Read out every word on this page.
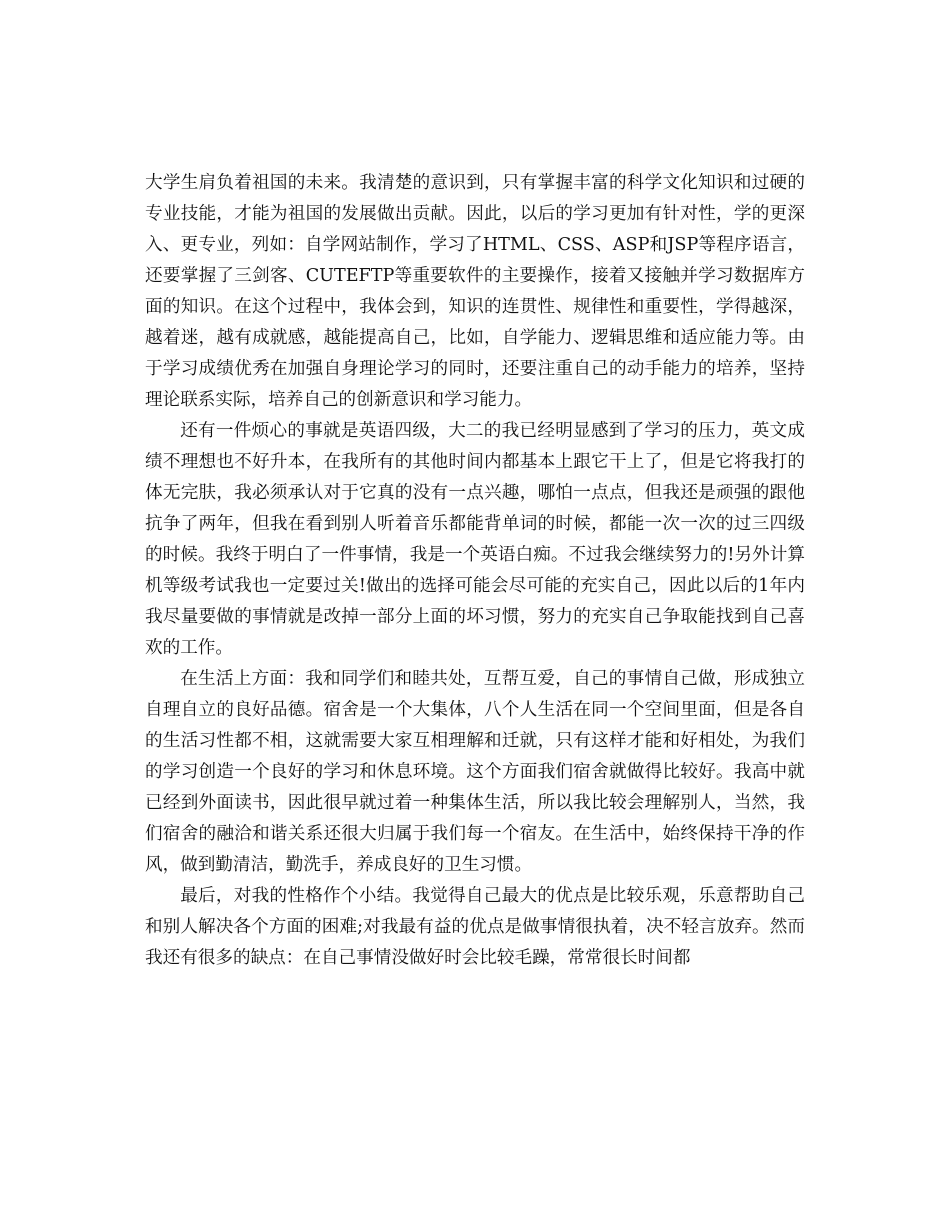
大学生肩负着祖国的未来。我清楚的意识到，只有掌握丰富的科学文化知识和过硬的专业技能，才能为祖国的发展做出贡献。因此，以后的学习更加有针对性，学的更深入、更专业，列如：自学网站制作，学习了HTML、CSS、ASP和JSP等程序语言，还要掌握了三剑客、CUTEFTP等重要软件的主要操作，接着又接触并学习数据库方面的知识。在这个过程中，我体会到，知识的连贯性、规律性和重要性，学得越深，越着迷，越有成就感，越能提高自己，比如，自学能力、逻辑思维和适应能力等。由于学习成绩优秀在加强自身理论学习的同时，还要注重自己的动手能力的培养，坚持理论联系实际，培养自己的创新意识和学习能力。

还有一件烦心的事就是英语四级，大二的我已经明显感到了学习的压力，英文成绩不理想也不好升本，在我所有的其他时间内都基本上跟它干上了，但是它将我打的体无完肤，我必须承认对于它真的没有一点兴趣，哪怕一点点，但我还是顽强的跟他抗争了两年，但我在看到别人听着音乐都能背单词的时候，都能一次一次的过三四级的时候。我终于明白了一件事情，我是一个英语白痴。不过我会继续努力的!另外计算机等级考试我也一定要过关!做出的选择可能会尽可能的充实自己，因此以后的1年内我尽量要做的事情就是改掉一部分上面的坏习惯，努力的充实自己争取能找到自己喜欢的工作。

在生活上方面：我和同学们和睦共处，互帮互爱，自己的事情自己做，形成独立自理自立的良好品德。宿舍是一个大集体，八个人生活在同一个空间里面，但是各自的生活习性都不相，这就需要大家互相理解和迁就，只有这样才能和好相处，为我们的学习创造一个良好的学习和休息环境。这个方面我们宿舍就做得比较好。我高中就已经到外面读书，因此很早就过着一种集体生活，所以我比较会理解别人，当然，我们宿舍的融洽和谐关系还很大归属于我们每一个宿友。在生活中，始终保持干净的作风，做到勤清洁，勤洗手，养成良好的卫生习惯。

最后，对我的性格作个小结。我觉得自己最大的优点是比较乐观，乐意帮助自己和别人解决各个方面的困难;对我最有益的优点是做事情很执着，决不轻言放弃。然而我还有很多的缺点：在自己事情没做好时会比较毛躁，常常很长时间都
